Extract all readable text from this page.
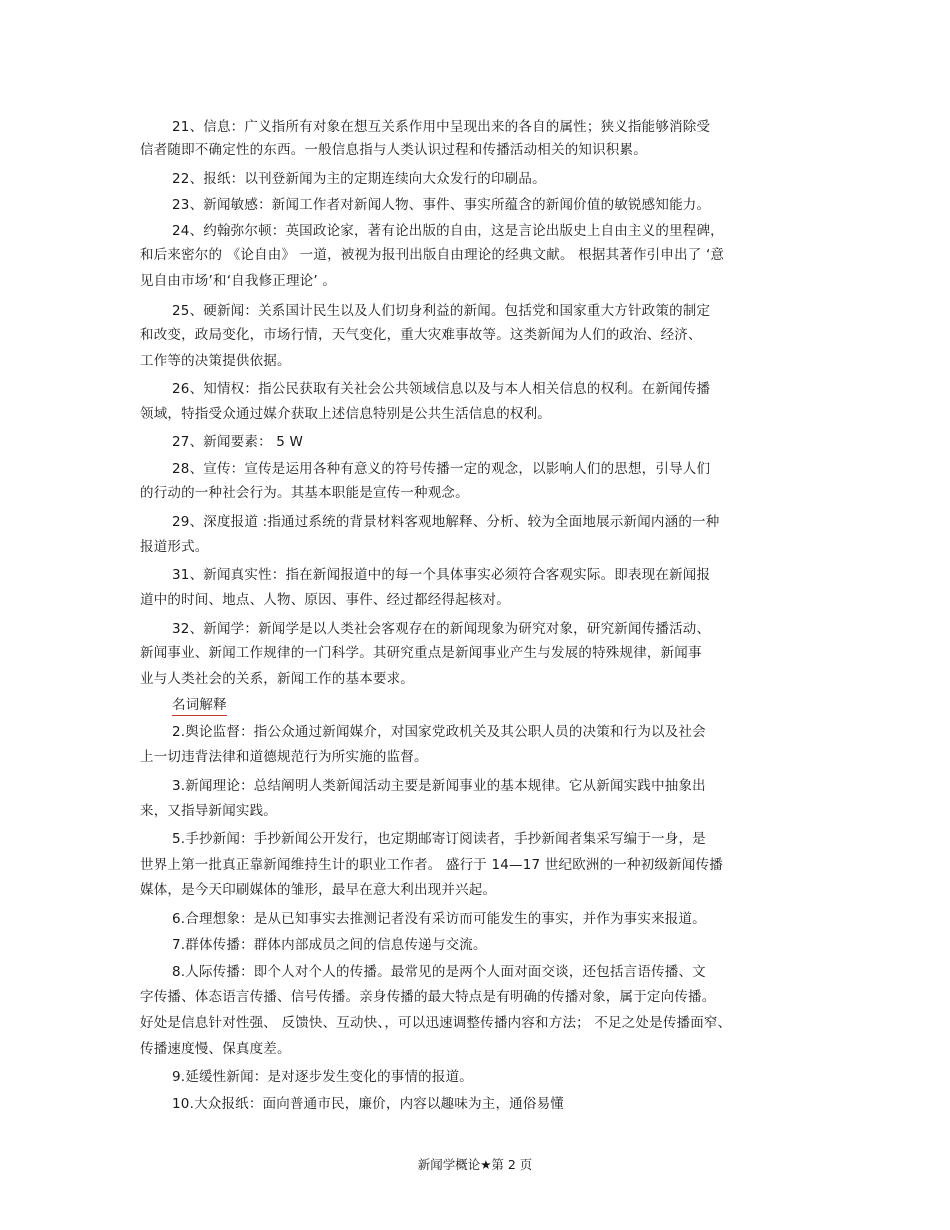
21、信息：广义指所有对象在想互关系作用中呈现出来的各自的属性；狭义指能够消除受
信者随即不确定性的东西。一般信息指与人类认识过程和传播活动相关的知识积累。
22、报纸：以刊登新闻为主的定期连续向大众发行的印刷品。
23、新闻敏感：新闻工作者对新闻人物、事件、事实所蕴含的新闻价值的敏锐感知能力。
24、约翰弥尔顿：英国政论家，著有论出版的自由，这是言论出版史上自由主义的里程碑，
和后来密尔的 《论自由》 一道，被视为报刊出版自由理论的经典文献。 根据其著作引申出了 ‘意
见自由市场’和‘自我修正理论’ 。
25、硬新闻：关系国计民生以及人们切身利益的新闻。包括党和国家重大方针政策的制定
和改变，政局变化，市场行情，天气变化，重大灾难事故等。这类新闻为人们的政治、经济、
工作等的决策提供依据。
26、知情权：指公民获取有关社会公共领域信息以及与本人相关信息的权利。在新闻传播
领域，特指受众通过媒介获取上述信息特别是公共生活信息的权利。
27、新闻要素： 5 W
28、宣传：宣传是运用各种有意义的符号传播一定的观念，以影响人们的思想，引导人们
的行动的一种社会行为。其基本职能是宣传一种观念。
29、深度报道 :指通过系统的背景材料客观地解释、分析、较为全面地展示新闻内涵的一种
报道形式。
31、新闻真实性：指在新闻报道中的每一个具体事实必须符合客观实际。即表现在新闻报
道中的时间、地点、人物、原因、事件、经过都经得起核对。
32、新闻学：新闻学是以人类社会客观存在的新闻现象为研究对象，研究新闻传播活动、
新闻事业、新闻工作规律的一门科学。其研究重点是新闻事业产生与发展的特殊规律，新闻事
业与人类社会的关系，新闻工作的基本要求。
名词解释
2.舆论监督：指公众通过新闻媒介，对国家党政机关及其公职人员的决策和行为以及社会
上一切违背法律和道德规范行为所实施的监督。
3.新闻理论：总结阐明人类新闻活动主要是新闻事业的基本规律。它从新闻实践中抽象出
来，又指导新闻实践。
5.手抄新闻：手抄新闻公开发行，也定期邮寄订阅读者，手抄新闻者集采写编于一身，是
世界上第一批真正靠新闻维持生计的职业工作者。 盛行于 14—17 世纪欧洲的一种初级新闻传播
媒体，是今天印刷媒体的雏形，最早在意大利出现并兴起。
6.合理想象：是从已知事实去推测记者没有采访而可能发生的事实，并作为事实来报道。
7.群体传播：群体内部成员之间的信息传递与交流。
8.人际传播：即个人对个人的传播。最常见的是两个人面对面交谈，还包括言语传播、文
字传播、体态语言传播、信号传播。亲身传播的最大特点是有明确的传播对象，属于定向传播。
好处是信息针对性强、 反馈快、互动快、，可以迅速调整传播内容和方法； 不足之处是传播面窄、
传播速度慢、保真度差。
9.延缓性新闻：是对逐步发生变化的事情的报道。
10.大众报纸：面向普通市民，廉价，内容以趣味为主，通俗易懂
新闻学概论★第 2 页
